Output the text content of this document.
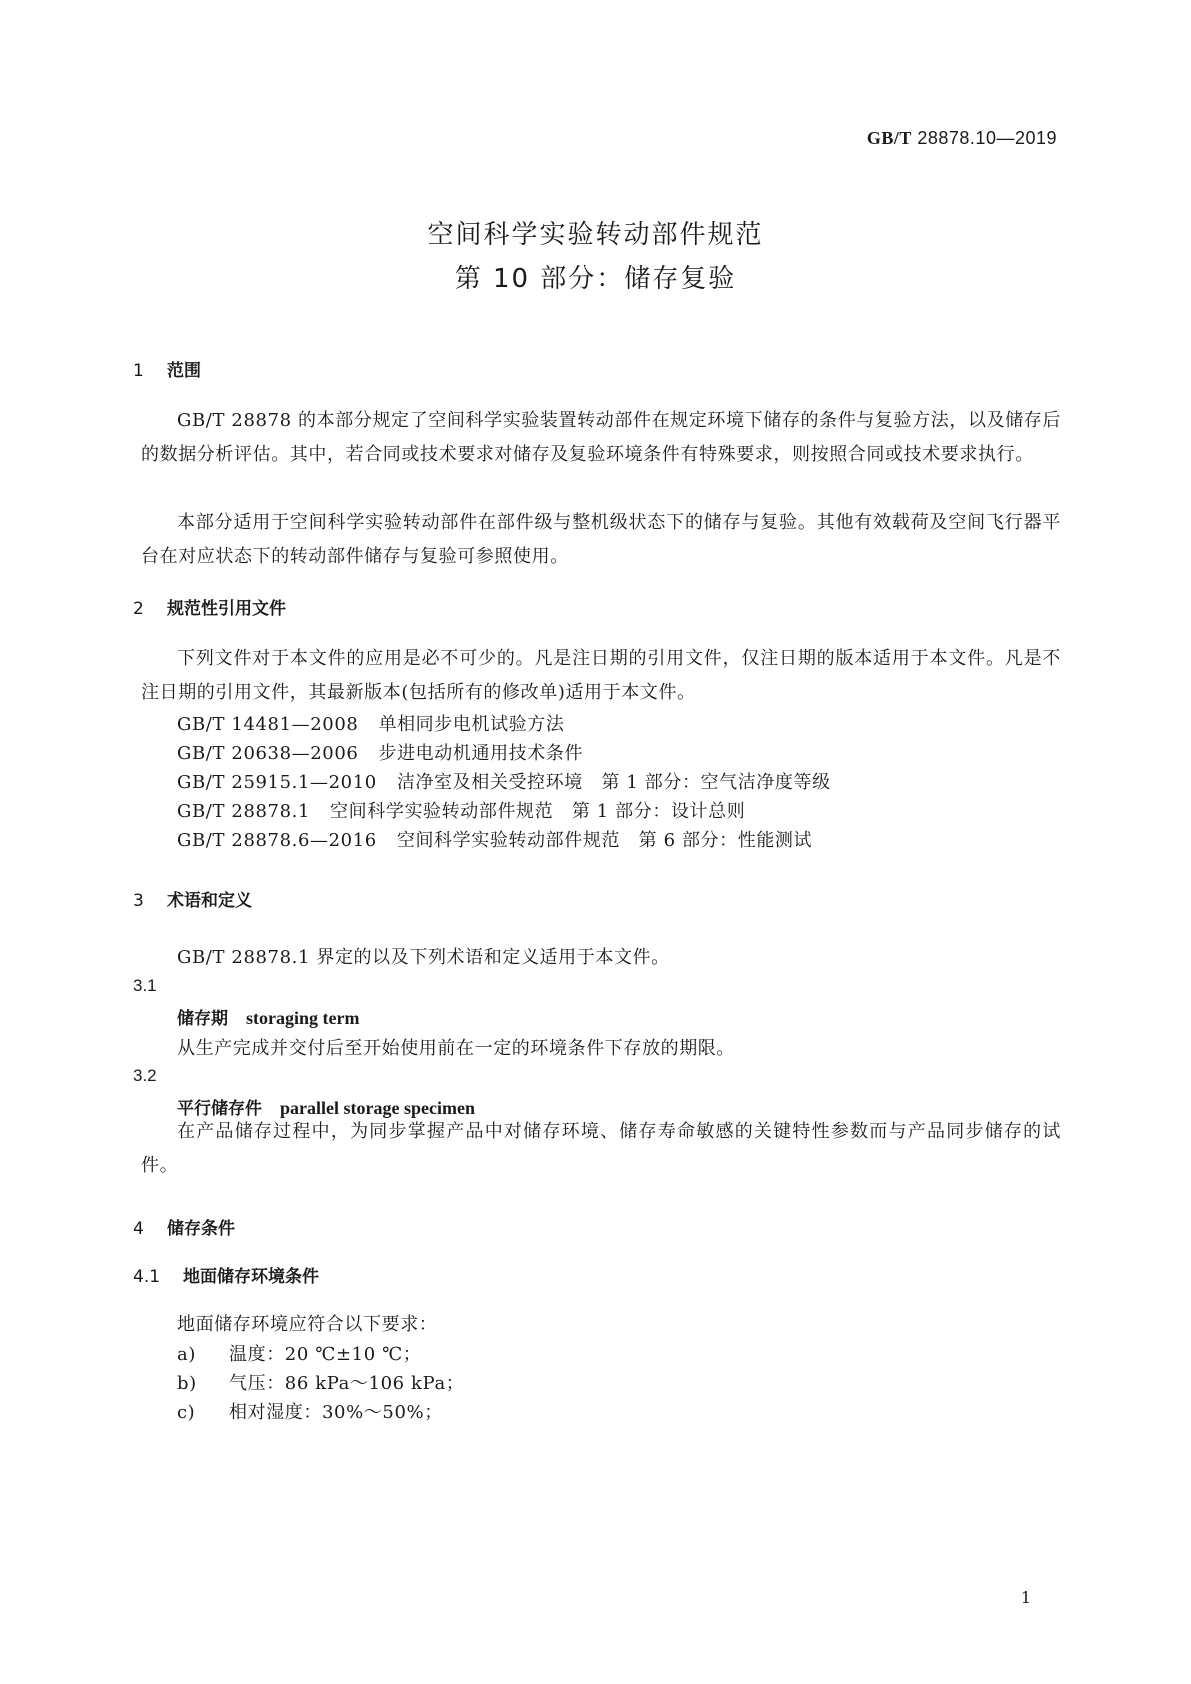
GB/T 28878.10—2019
空间科学实验转动部件规范
第 10 部分：储存复验
1 范围
GB/T 28878 的本部分规定了空间科学实验装置转动部件在规定环境下储存的条件与复验方法，以及储存后的数据分析评估。其中，若合同或技术要求对储存及复验环境条件有特殊要求，则按照合同或技术要求执行。
本部分适用于空间科学实验转动部件在部件级与整机级状态下的储存与复验。其他有效载荷及空间飞行器平台在对应状态下的转动部件储存与复验可参照使用。
2 规范性引用文件
下列文件对于本文件的应用是必不可少的。凡是注日期的引用文件，仅注日期的版本适用于本文件。凡是不注日期的引用文件，其最新版本(包括所有的修改单)适用于本文件。
GB/T 14481—2008 单相同步电机试验方法
GB/T 20638—2006 步进电动机通用技术条件
GB/T 25915.1—2010 洁净室及相关受控环境　第 1 部分：空气洁净度等级
GB/T 28878.1 空间科学实验转动部件规范　第 1 部分：设计总则
GB/T 28878.6—2016 空间科学实验转动部件规范　第 6 部分：性能测试
3 术语和定义
GB/T 28878.1 界定的以及下列术语和定义适用于本文件。
3.1
储存期 storaging term
从生产完成并交付后至开始使用前在一定的环境条件下存放的期限。
3.2
平行储存件 parallel storage specimen
在产品储存过程中，为同步掌握产品中对储存环境、储存寿命敏感的关键特性参数而与产品同步储存的试件。
4 储存条件
4.1 地面储存环境条件
地面储存环境应符合以下要求：
a) 温度：20 ℃±10 ℃；
b) 气压：86 kPa～106 kPa；
c) 相对湿度：30%～50%；
1
